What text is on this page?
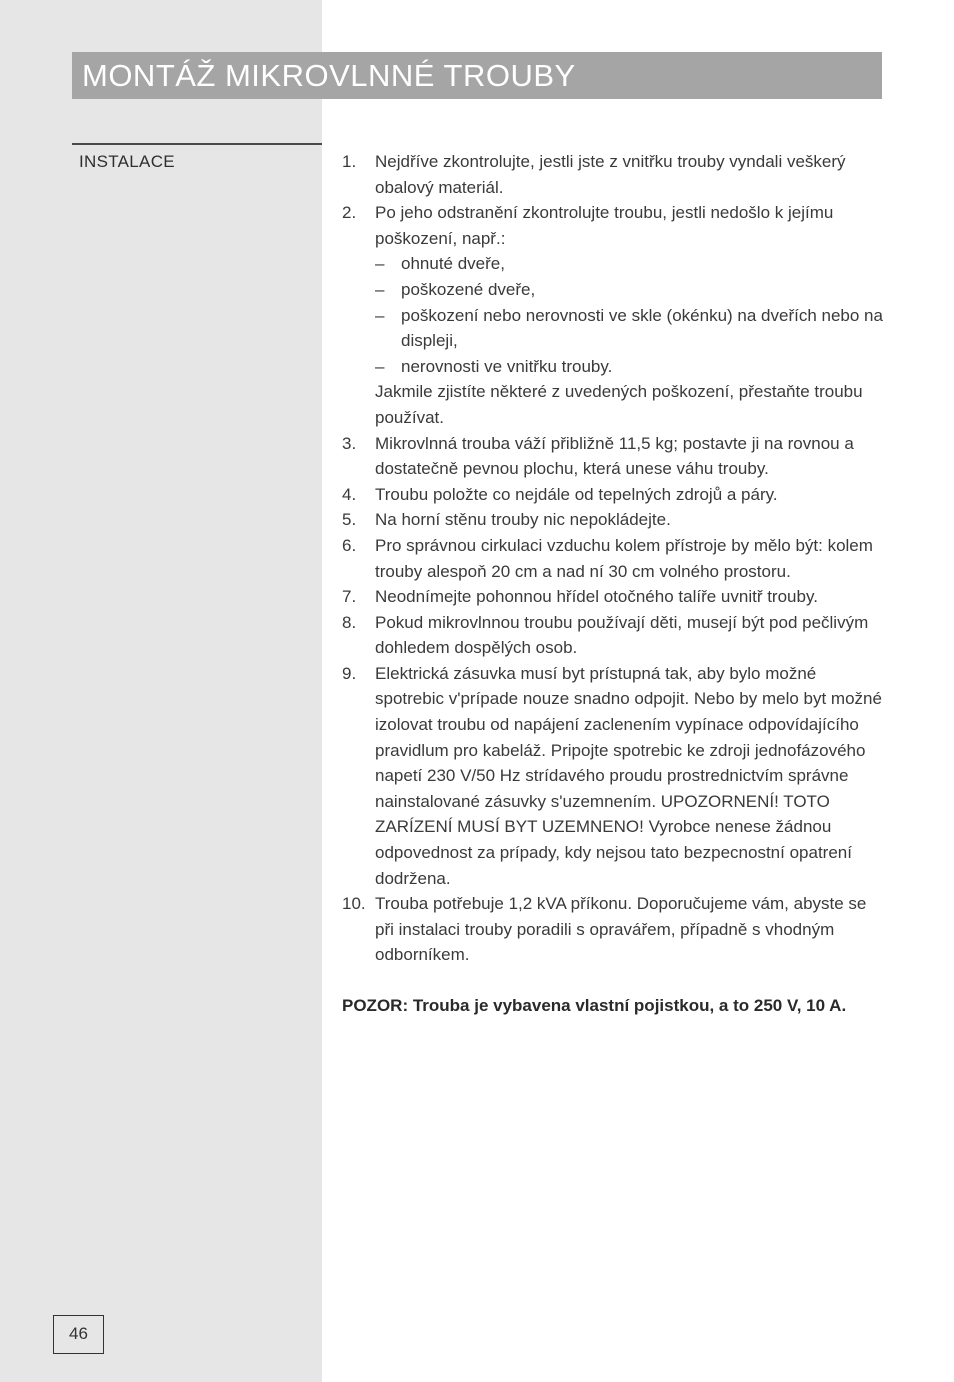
MONTÁŽ MIKROVLNNÉ TROUBY
INSTALACE	1.	Nejdříve zkontrolujte, jestli jste z vnitřku trouby vyndali veškerý obalový materiál.
2.	Po jeho odstranění zkontrolujte troubu, jestli nedošlo k jejímu poškození, např.:
– ohnuté dveře,
– poškozené dveře,
– poškození nebo nerovnosti ve skle (okénku) na dveřích nebo na displeji,
– nerovnosti ve vnitřku trouby.
Jakmile zjistíte některé z uvedených poškození, přestaňte troubu používat.
3.	Mikrovlnná trouba váží přibližně 11,5 kg; postavte ji na rovnou a dostatečně pevnou plochu, která unese váhu trouby.
4.	Troubu položte co nejdále od tepelných zdrojů a páry.
5.	Na horní stěnu trouby nic nepokládejte.
6.	Pro správnou cirkulaci vzduchu kolem přístroje by mělo být: kolem trouby alespoň 20 cm a nad ní 30 cm volného prostoru.
7.	Neodnímejte pohonnou hřídel otočného talíře uvnitř trouby.
8.	Pokud mikrovlnnou troubu používají děti, musejí být pod pečlivým dohledem dospělých osob.
9.	Elektrická zásuvka musí byt prístupná tak, aby bylo možné spotrebic v'prípade nouze snadno odpojit. Nebo by melo byt možné izolovat troubu od napájení zaclenením vypínace odpovídajícího pravidlum pro kabeláž. Pripojte spotrebic ke zdroji jednofázového napetí 230 V/50 Hz strídavého proudu prostrednictvím správne nainstalované zásuvky s'uzemnením. UPOZORNENÍ! TOTO ZARÍZENÍ MUSÍ BYT UZEMNENO! Vyrobce nenese žádnou odpovednost za prípady, kdy nejsou tato bezpecnostní opatrení dodržena.
10. Trouba potřebuje 1,2 kVA příkonu. Doporučujeme vám, abyste se při instalaci trouby poradili s opravářem, případně s vhodným odborníkem.
POZOR: Trouba je vybavena vlastní pojistkou, a to 250 V, 10 A.
46
